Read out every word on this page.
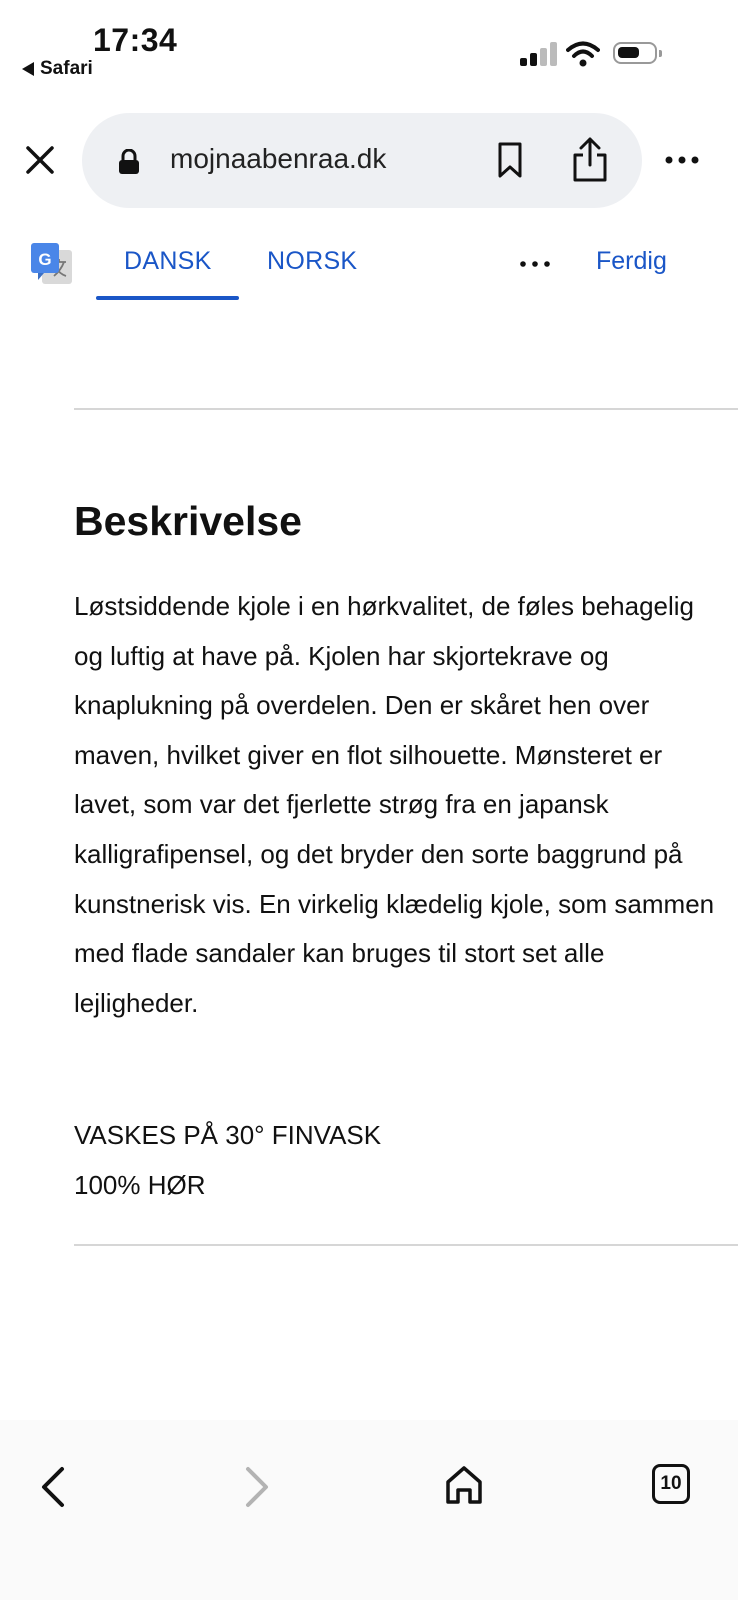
17:34
Safari
mojnaabenraa.dk
G	DANSK NORSK	Ferdig
Beskrivelse

Løstsiddende kjole i en hørkvalitet, de føles behagelig og luftig at have på. Kjolen har skjortekrave og knaplukning på overdelen. Den er skåret hen over maven, hvilket giver en flot silhouette. Mønsteret er lavet, som var det fjerlette strøg fra en japansk kalligrafipensel, og det bryder den sorte baggrund på kunstnerisk vis. En virkelig klædelig kjole, som sammen med flade sandaler kan bruges til stort set alle lejligheder.

VASKES PÅ 30° FINVASK
100% HØR
10
